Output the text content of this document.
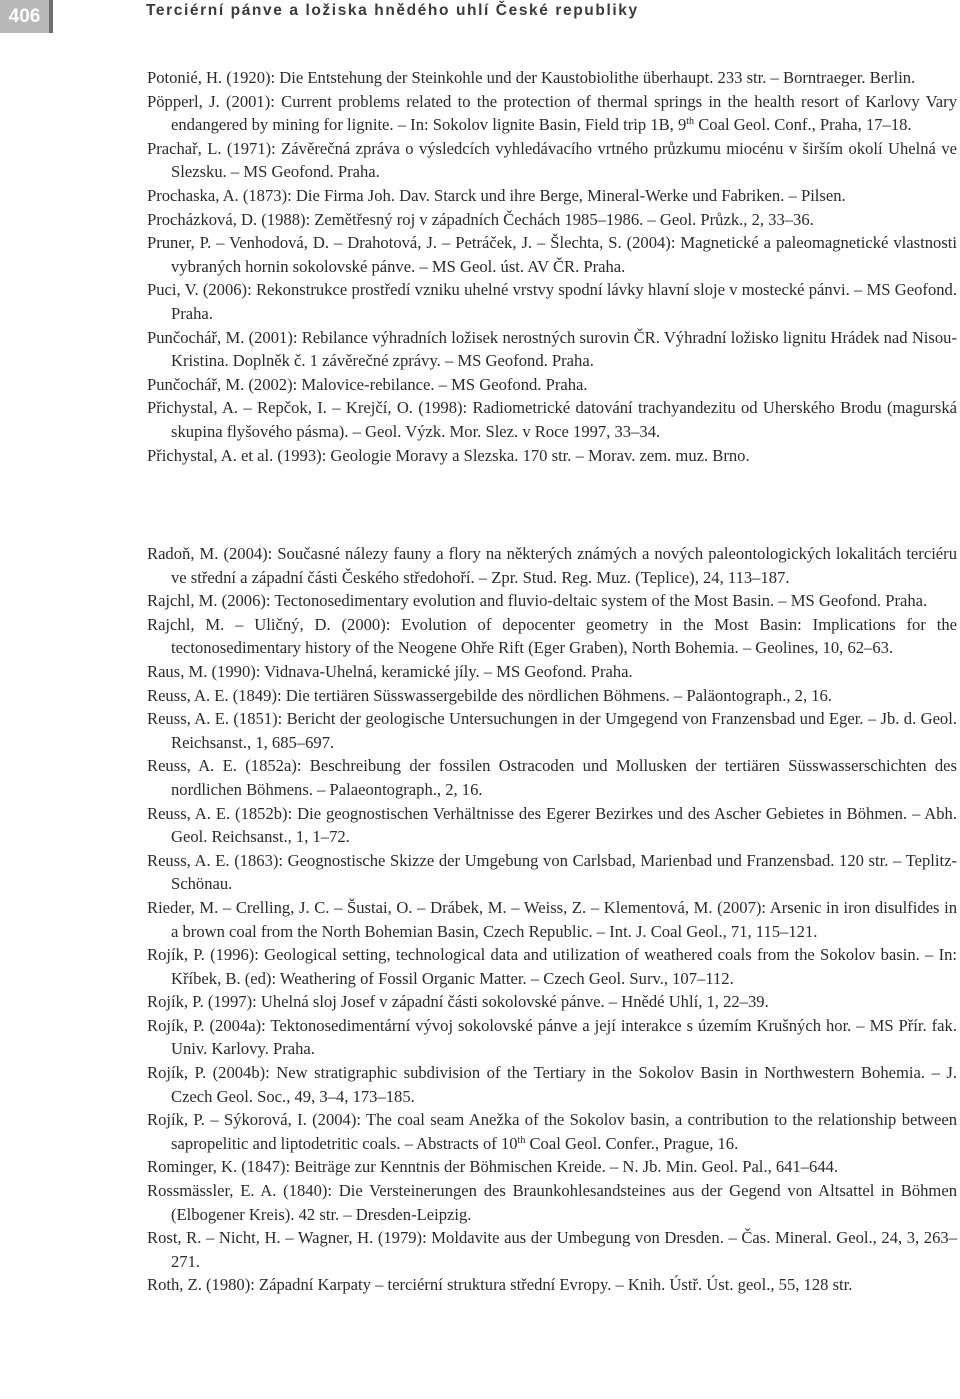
406	Terciérní pánve a ložiska hnědého uhlí České republiky

Potonié, H. (1920): Die Entstehung der Steinkohle und der Kaustobiolithe überhaupt. 233 str. – Borntraeger. Berlin.

Pöpperl, J. (2001): Current problems related to the protection of thermal springs in the health resort of Karlovy Vary endangered by mining for lignite. – In: Sokolov lignite Basin, Field trip 1B, 9th Coal Geol. Conf., Praha, 17–18.

Prachař, L. (1971): Závěrečná zpráva o výsledcích vyhledávacího vrtného průzkumu miocénu v širším okolí Uhelná ve Slezsku. – MS Geofond. Praha.

Prochaska, A. (1873): Die Firma Joh. Dav. Starck und ihre Berge, Mineral-Werke und Fabriken. – Pilsen.

Procházková, D. (1988): Zemětřesný roj v západních Čechách 1985–1986. – Geol. Průzk., 2, 33–36.

Pruner, P. – Venhodová, D. – Drahotová, J. – Petráček, J. – Šlechta, S. (2004): Magnetické a paleomagnetické vlastnosti vybraných hornin sokolovské pánve. – MS Geol. úst. AV ČR. Praha.

Puci, V. (2006): Rekonstrukce prostředí vzniku uhelné vrstvy spodní lávky hlavní sloje v mostecké pánvi. – MS Geofond. Praha.

Punčochář, M. (2001): Rebilance výhradních ložisek nerostných surovin ČR. Výhradní ložisko lignitu Hrádek nad Nisou-Kristina. Doplněk č. 1 závěrečné zprávy. – MS Geofond. Praha.

Punčochář, M. (2002): Malovice-rebilance. – MS Geofond. Praha.

Přichystal, A. – Repčok, I. – Krejčí, O. (1998): Radiometrické datování trachyandezitu od Uherského Brodu (magurská skupina flyšového pásma). – Geol. Výzk. Mor. Slez. v Roce 1997, 33–34.

Přichystal, A. et al. (1993): Geologie Moravy a Slezska. 170 str. – Morav. zem. muz. Brno.

Radoň, M. (2004): Současné nálezy fauny a flory na některých známých a nových paleontologických lokalitách terciéru ve střední a západní části Českého středohoří. – Zpr. Stud. Reg. Muz. (Teplice), 24, 113–187.

Rajchl, M. (2006): Tectonosedimentary evolution and fluvio-deltaic system of the Most Basin. – MS Geofond. Praha.

Rajchl, M. – Uličný, D. (2000): Evolution of depocenter geometry in the Most Basin: Implications for the tectonosedimentary history of the Neogene Ohře Rift (Eger Graben), North Bohemia. – Geolines, 10, 62–63.

Raus, M. (1990): Vidnava-Uhelná, keramické jíly. – MS Geofond. Praha.

Reuss, A. E. (1849): Die tertiären Süsswassergebilde des nördlichen Böhmens. – Paläontograph., 2, 16.

Reuss, A. E. (1851): Bericht der geologische Untersuchungen in der Umgegend von Franzensbad und Eger. – Jb. d. Geol. Reichsanst., 1, 685–697.

Reuss, A. E. (1852a): Beschreibung der fossilen Ostracoden und Mollusken der tertiären Süsswasserschichten des nordlichen Böhmens. – Palaeontograph., 2, 16.

Reuss, A. E. (1852b): Die geognostischen Verhältnisse des Egerer Bezirkes und des Ascher Gebietes in Böhmen. – Abh. Geol. Reichsanst., 1, 1–72.

Reuss, A. E. (1863): Geognostische Skizze der Umgebung von Carlsbad, Marienbad und Franzensbad. 120 str. – Teplitz-Schönau.

Rieder, M. – Crelling, J. C. – Šustai, O. – Drábek, M. – Weiss, Z. – Klementová, M. (2007): Arsenic in iron disulfides in a brown coal from the North Bohemian Basin, Czech Republic. – Int. J. Coal Geol., 71, 115–121.

Rojík, P. (1996): Geological setting, technological data and utilization of weathered coals from the Sokolov basin. – In: Kříbek, B. (ed): Weathering of Fossil Organic Matter. – Czech Geol. Surv., 107–112.

Rojík, P. (1997): Uhelná sloj Josef v západní části sokolovské pánve. – Hnědé Uhlí, 1, 22–39.

Rojík, P. (2004a): Tektonosedimentární vývoj sokolovské pánve a její interakce s územím Krušných hor. – MS Přír. fak. Univ. Karlovy. Praha.

Rojík, P. (2004b): New stratigraphic subdivision of the Tertiary in the Sokolov Basin in Northwestern Bohemia. – J. Czech Geol. Soc., 49, 3–4, 173–185.

Rojík, P. – Sýkorová, I. (2004): The coal seam Anežka of the Sokolov basin, a contribution to the relationship between sapropelitic and liptodetritic coals. – Abstracts of 10th Coal Geol. Confer., Prague, 16.

Rominger, K. (1847): Beiträge zur Kenntnis der Böhmischen Kreide. – N. Jb. Min. Geol. Pal., 641–644.

Rossmässler, E. A. (1840): Die Versteinerungen des Braunkohlesandsteines aus der Gegend von Altsattel in Böhmen (Elbogener Kreis). 42 str. – Dresden-Leipzig.

Rost, R. – Nicht, H. – Wagner, H. (1979): Moldavite aus der Umbegung von Dresden. – Čas. Mineral. Geol., 24, 3, 263–271.

Roth, Z. (1980): Západní Karpaty – terciérní struktura střední Evropy. – Knih. Ústř. Úst. geol., 55, 128 str.
